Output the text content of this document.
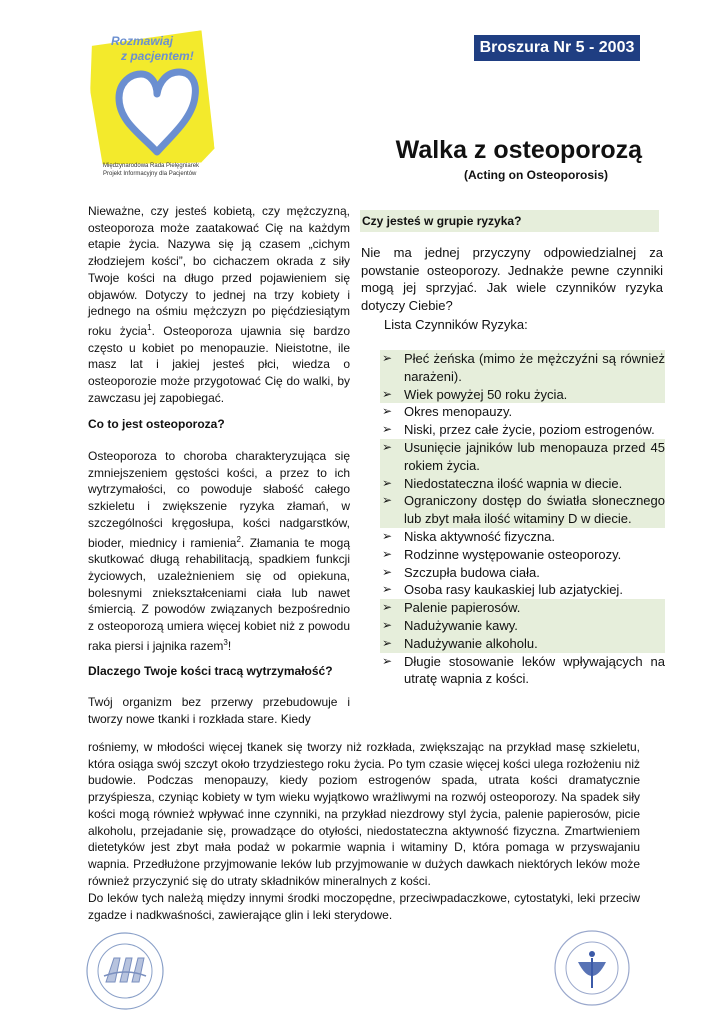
Rozmawiaj
z pacjentem!
Międzynarodowa Rada Pielęgniarek
Projekt Informacyjny dla Pacjentów
Broszura Nr 5 - 2003
Walka z osteoporozą
(Acting on Osteoporosis)
Nieważne, czy jesteś kobietą, czy mężczyzną, osteoporoza może zaatakować Cię na każdym etapie życia. Nazywa się ją czasem „cichym złodziejem kości”, bo cichaczem okrada z siły Twoje kości na długo przed pojawieniem się objawów. Dotyczy to jednej na trzy kobiety i jednego na ośmiu mężczyzn po pięćdziesiątym roku życia$^1$. Osteoporoza ujawnia się bardzo często u kobiet po menopauzie. Nieistotne, ile masz lat i jakiej jesteś płci, wiedza o osteoporozie może przygotować Cię do walki, by zawczasu jej zapobiegać.
Co to jest osteoporoza?
Osteoporoza to choroba charakteryzująca się zmniejszeniem gęstości kości, a przez to ich wytrzymałości, co powoduje słabość całego szkieletu i zwiększenie ryzyka złamań, w szczególności kręgosłupa, kości nadgarstków, bioder, miednicy i ramienia$^2$. Złamania te mogą skutkować długą rehabilitacją, spadkiem funkcji życiowych, uzależnieniem się od opiekuna, bolesnymi zniekształceniami ciała lub nawet śmiercią. Z powodów związanych bezpośrednio z osteoporozą umiera więcej kobiet niż z powodu raka piersi i jajnika razem$^3$!
Dlaczego Twoje kości tracą wytrzymałość?
Twój organizm bez przerwy przebudowuje i tworzy nowe tkanki i rozkłada stare. Kiedy
Czy jesteś w grupie ryzyka?
Nie ma jednej przyczyny odpowiedzialnej za powstanie osteoporozy. Jednakże pewne czynniki mogą jej sprzyjać. Jak wiele czynników ryzyka dotyczy Ciebie?
Lista Czynników Ryzyka:
➢ Płeć żeńska (mimo że mężczyźni są również narażeni).
➢ Wiek powyżej 50 roku życia.
➢ Okres menopauzy.
➢ Niski, przez całe życie, poziom estrogenów.
➢ Usunięcie jajników lub menopauza przed 45 rokiem życia.
➢ Niedostateczna ilość wapnia w diecie.
➢ Ograniczony dostęp do światła słonecznego lub zbyt mała ilość witaminy D w diecie.
➢ Niska aktywność fizyczna.
➢ Rodzinne występowanie osteoporozy.
➢ Szczupła budowa ciała.
➢ Osoba rasy kaukaskiej lub azjatyckiej.
➢ Palenie papierosów.
➢ Nadużywanie kawy.
➢ Nadużywanie alkoholu.
➢ Długie stosowanie leków wpływających na utratę wapnia z kości.
rośniemy, w młodości więcej tkanek się tworzy niż rozkłada, zwiększając na przykład masę szkieletu, która osiąga swój szczyt około trzydziestego roku życia. Po tym czasie więcej kości ulega rozłożeniu niż budowie. Podczas menopauzy, kiedy poziom estrogenów spada, utrata kości dramatycznie przyśpiesza, czyniąc kobiety w tym wieku wyjątkowo wrażliwymi na rozwój osteoporozy. Na spadek siły kości mogą również wpływać inne czynniki, na przykład niezdrowy styl życia, palenie papierosów, picie alkoholu, przejadanie się, prowadzące do otyłości, niedostateczna aktywność fizyczna. Zmartwieniem dietetyków jest zbyt mała podaż w pokarmie wapnia i witaminy D, która pomaga w przyswajaniu wapnia. Przedłużone przyjmowanie leków lub przyjmowanie w dużych dawkach niektórych leków może również przyczynić się do utraty składników mineralnych z kości.
Do leków tych należą między innymi środki moczopędne, przeciwpadaczkowe, cytostatyki, leki przeciw zgadze i nadkwaśności, zawierające glin i leki sterydowe.
